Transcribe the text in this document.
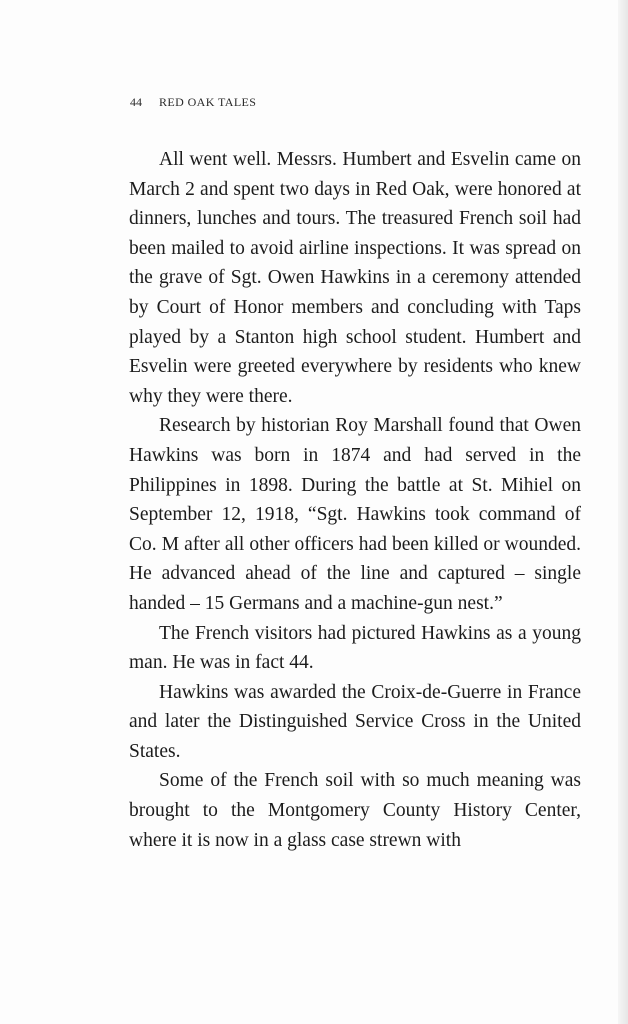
44 RED OAK TALES

All went well. Messrs. Humbert and Esvelin came on March 2 and spent two days in Red Oak, were honored at dinners, lunches and tours. The treasured French soil had been mailed to avoid airline inspections. It was spread on the grave of Sgt. Owen Hawkins in a ceremony attended by Court of Honor members and concluding with Taps played by a Stanton high school student. Humbert and Esvelin were greeted everywhere by residents who knew why they were there.

Research by historian Roy Marshall found that Owen Hawkins was born in 1874 and had served in the Philippines in 1898. During the battle at St. Mihiel on September 12, 1918, “Sgt. Hawkins took command of Co. M after all other officers had been killed or wounded. He advanced ahead of the line and captured – single handed – 15 Germans and a machine-gun nest.”

The French visitors had pictured Hawkins as a young man. He was in fact 44.

Hawkins was awarded the Croix-de-Guerre in France and later the Distinguished Service Cross in the United States.

Some of the French soil with so much meaning was brought to the Montgomery County History Center, where it is now in a glass case strewn with
